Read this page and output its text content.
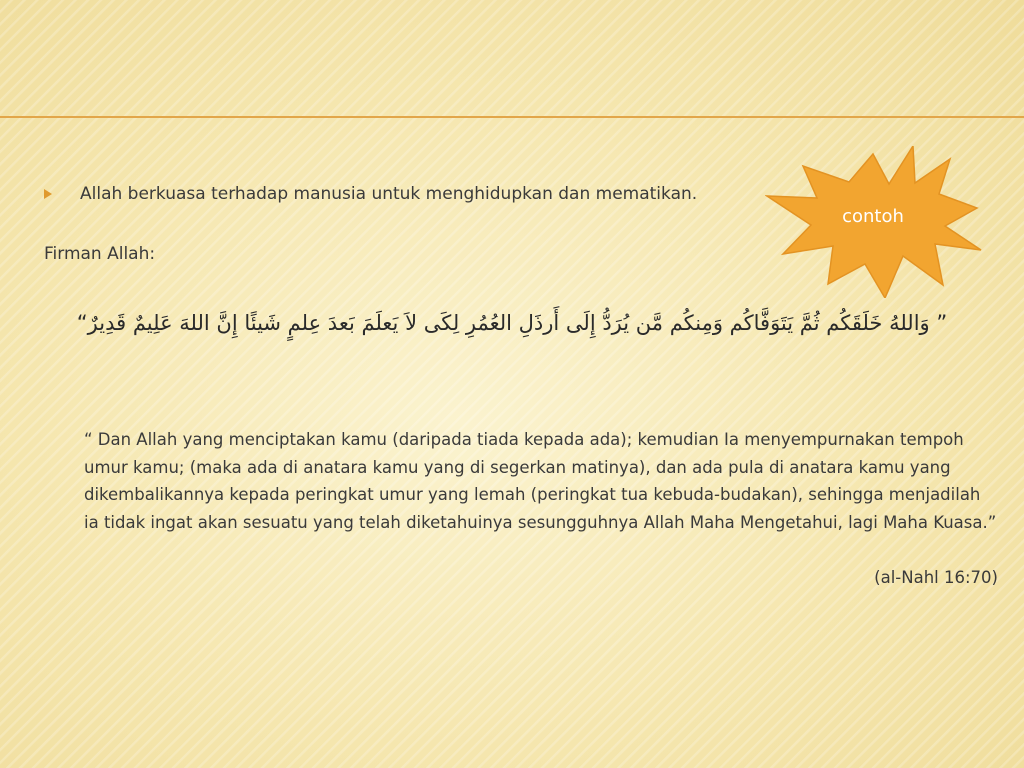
Allah berkuasa terhadap manusia untuk menghidupkan dan mematikan.
Firman Allah:
” وَاللهُ خَلَقَكُم ثُمَّ يَتَوَفَّاكُم وَمِنكُم مَّن يُرَدُّ إِلَى أَرذَلِ العُمُرِ لِكَى لاَ يَعلَمَ بَعدَ عِلمٍ شَيئًا إِنَّ اللهَ عَلِيمٌ قَدِيرٌ“
“ Dan Allah yang menciptakan kamu (daripada tiada kepada ada); kemudian Ia menyempurnakan tempoh umur kamu; (maka ada di anatara kamu yang di segerkan matinya), dan ada pula di anatara kamu yang dikembalikannya kepada peringkat umur yang lemah (peringkat tua kebuda-budakan), sehingga menjadilah ia tidak ingat akan sesuatu yang telah diketahuinya sesungguhnya Allah Maha Mengetahui, lagi Maha Kuasa.”
(al-Nahl 16:70)
contoh
